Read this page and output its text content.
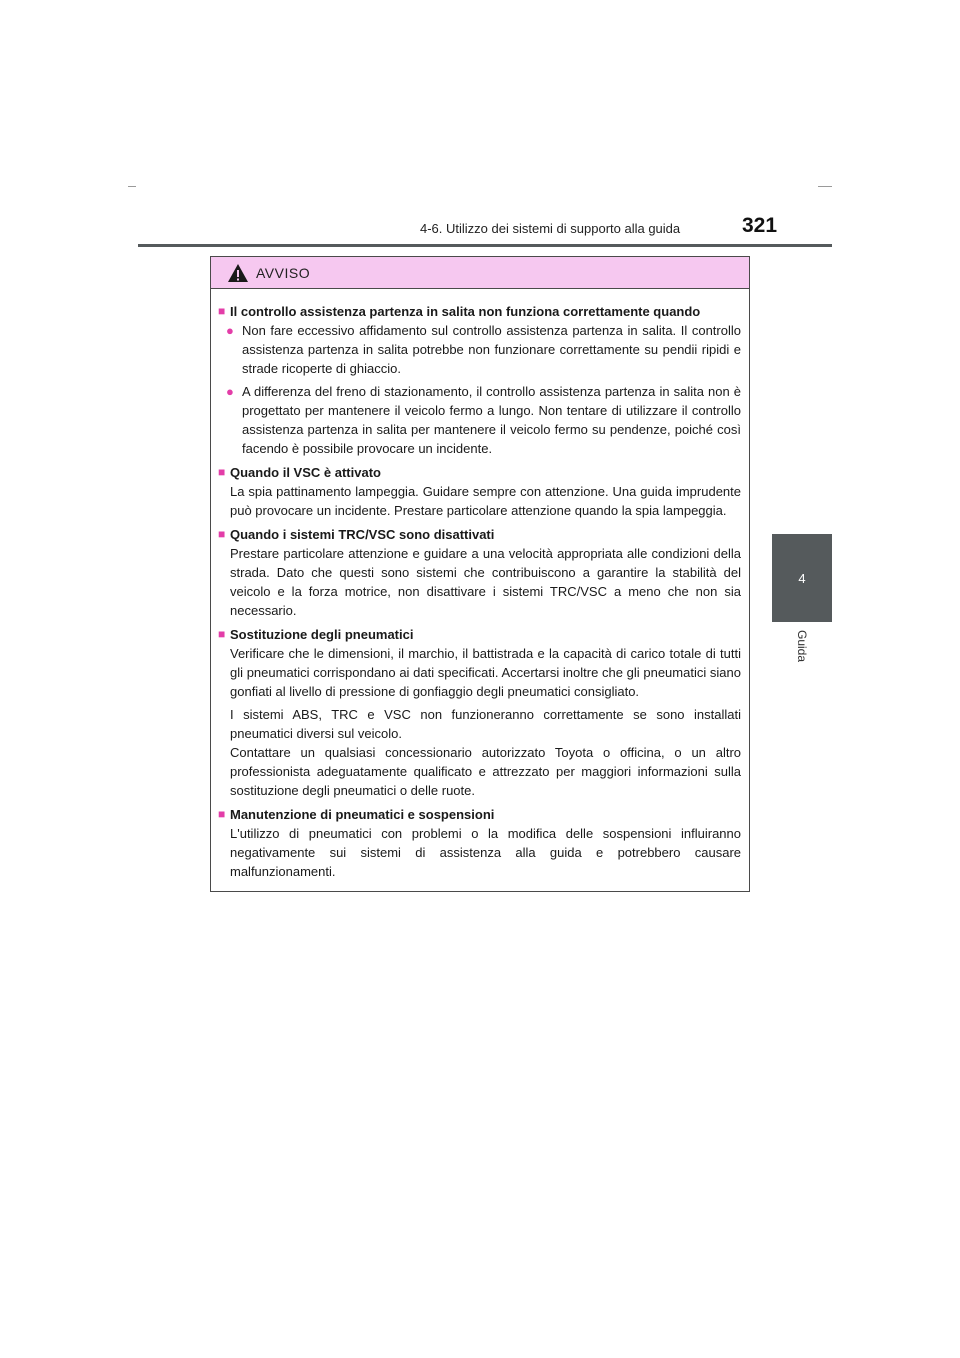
4-6. Utilizzo dei sistemi di supporto alla guida	321
4
Guida
AVVISO
■ Il controllo assistenza partenza in salita non funziona correttamente quando
● Non fare eccessivo affidamento sul controllo assistenza partenza in salita. Il controllo assistenza partenza in salita potrebbe non funzionare correttamente su pendii ripidi e strade ricoperte di ghiaccio.
● A differenza del freno di stazionamento, il controllo assistenza partenza in salita non è progettato per mantenere il veicolo fermo a lungo. Non tentare di utilizzare il controllo assistenza partenza in salita per mantenere il veicolo fermo su pendenze, poiché così facendo è possibile provocare un incidente.
■ Quando il VSC è attivato
La spia pattinamento lampeggia. Guidare sempre con attenzione. Una guida imprudente può provocare un incidente. Prestare particolare attenzione quando la spia lampeggia.
■ Quando i sistemi TRC/VSC sono disattivati
Prestare particolare attenzione e guidare a una velocità appropriata alle condizioni della strada. Dato che questi sono sistemi che contribuiscono a garantire la stabilità del veicolo e la forza motrice, non disattivare i sistemi TRC/VSC a meno che non sia necessario.
■ Sostituzione degli pneumatici
Verificare che le dimensioni, il marchio, il battistrada e la capacità di carico totale di tutti gli pneumatici corrispondano ai dati specificati. Accertarsi inoltre che gli pneumatici siano gonfiati al livello di pressione di gonfiaggio degli pneumatici consigliato.
I sistemi ABS, TRC e VSC non funzioneranno correttamente se sono installati pneumatici diversi sul veicolo.
Contattare un qualsiasi concessionario autorizzato Toyota o officina, o un altro professionista adeguatamente qualificato e attrezzato per maggiori informazioni sulla sostituzione degli pneumatici o delle ruote.
■ Manutenzione di pneumatici e sospensioni
L'utilizzo di pneumatici con problemi o la modifica delle sospensioni influiranno negativamente sui sistemi di assistenza alla guida e potrebbero causare malfunzionamenti.
